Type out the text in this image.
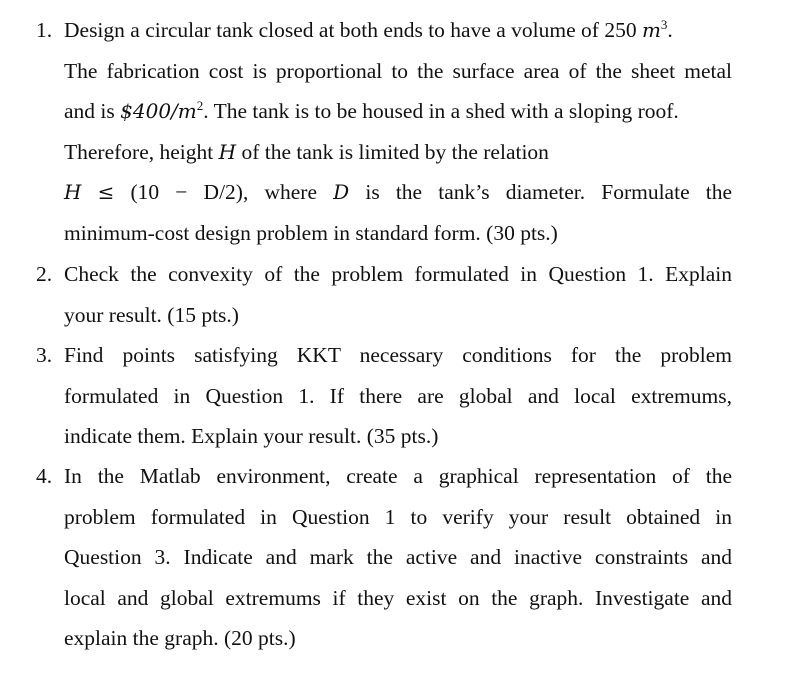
1. Design a circular tank closed at both ends to have a volume of 250 $m^3$.
The fabrication cost is proportional to the surface area of the sheet metal
and is $\$400/m^2$. The tank is to be housed in a shed with a sloping roof.
Therefore, height H of the tank is limited by the relation
H ≤ (10 − D/2), where D is the tank’s diameter. Formulate the
minimum-cost design problem in standard form. (30 pts.)
2. Check the convexity of the problem formulated in Question 1. Explain
your result. (15 pts.)
3. Find points satisfying KKT necessary conditions for the problem
formulated in Question 1. If there are global and local extremums,
indicate them. Explain your result. (35 pts.)
4. In the Matlab environment, create a graphical representation of the
problem formulated in Question 1 to verify your result obtained in
Question 3. Indicate and mark the active and inactive constraints and
local and global extremums if they exist on the graph. Investigate and
explain the graph. (20 pts.)
